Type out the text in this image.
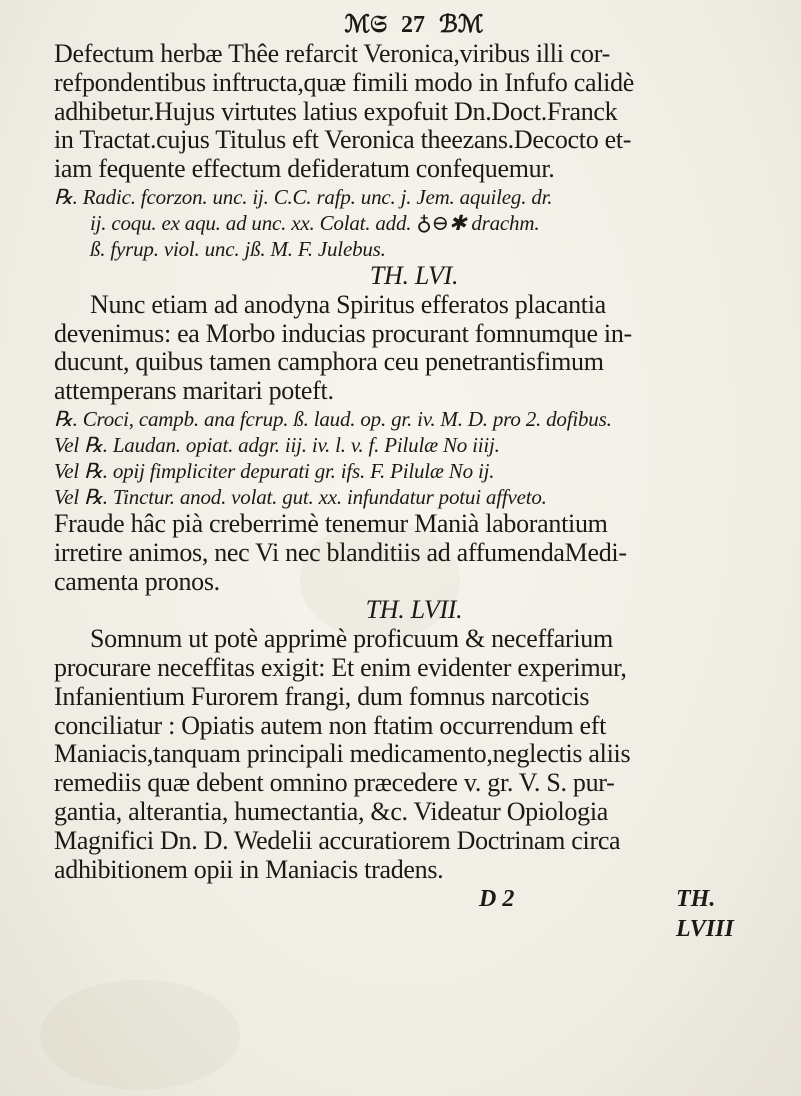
ℳ𝔖 27 ℬℳ
Defectum herbæ Thêe refarcit Veronica,viribus illi cor-
refpondentibus inftructa,quæ fimili modo in Infufo calidè
adhibetur.Hujus virtutes latius expofuit Dn.Doct.Franck
in Tractat.cujus Titulus eft Veronica theezans.Decocto et-
iam fequente effectum defideratum confequemur.
℞. Radic. fcorzon. unc. ij. C.C. rafp. unc. j. Jem. aquileg. dr.
ij. coqu. ex aqu. ad unc. xx. Colat. add. ♁⊖✱ drachm.
ß. fyrup. viol. unc. jß. M. F. Julebus.
TH. LVI.
Nunc etiam ad anodyna Spiritus efferatos placantia
devenimus: ea Morbo inducias procurant fomnumque in-
ducunt, quibus tamen camphora ceu penetrantisfimum
attemperans maritari poteft.
℞. Croci, campb. ana fcrup. ß. laud. op. gr. iv. M. D. pro 2. dofibus.
Vel ℞. Laudan. opiat. adgr. iij. iv. l. v. f. Pilulæ No iiij.
Vel ℞. opij fimpliciter depurati gr. ifs. F. Pilulæ No ij.
Vel ℞. Tinctur. anod. volat. gut. xx. infundatur potui affveto.
Fraude hâc pià creberrimè tenemur Manià laborantium
irretire animos, nec Vi nec blanditiis ad affumendaMedi-
camenta pronos.
TH. LVII.
Somnum ut potè apprimè proficuum & neceffarium
procurare neceffitas exigit: Et enim evidenter experimur,
Infanientium Furorem frangi, dum fomnus narcoticis
conciliatur : Opiatis autem non ftatim occurrendum eft
Maniacis,tanquam principali medicamento,neglectis aliis
remediis quæ debent omnino præcedere v. gr. V. S. pur-
gantia, alterantia, humectantia, &c. Videatur Opiologia
Magnifici Dn. D. Wedelii accuratiorem Doctrinam circa
adhibitionem opii in Maniacis tradens.
D 2	TH. LVIII
